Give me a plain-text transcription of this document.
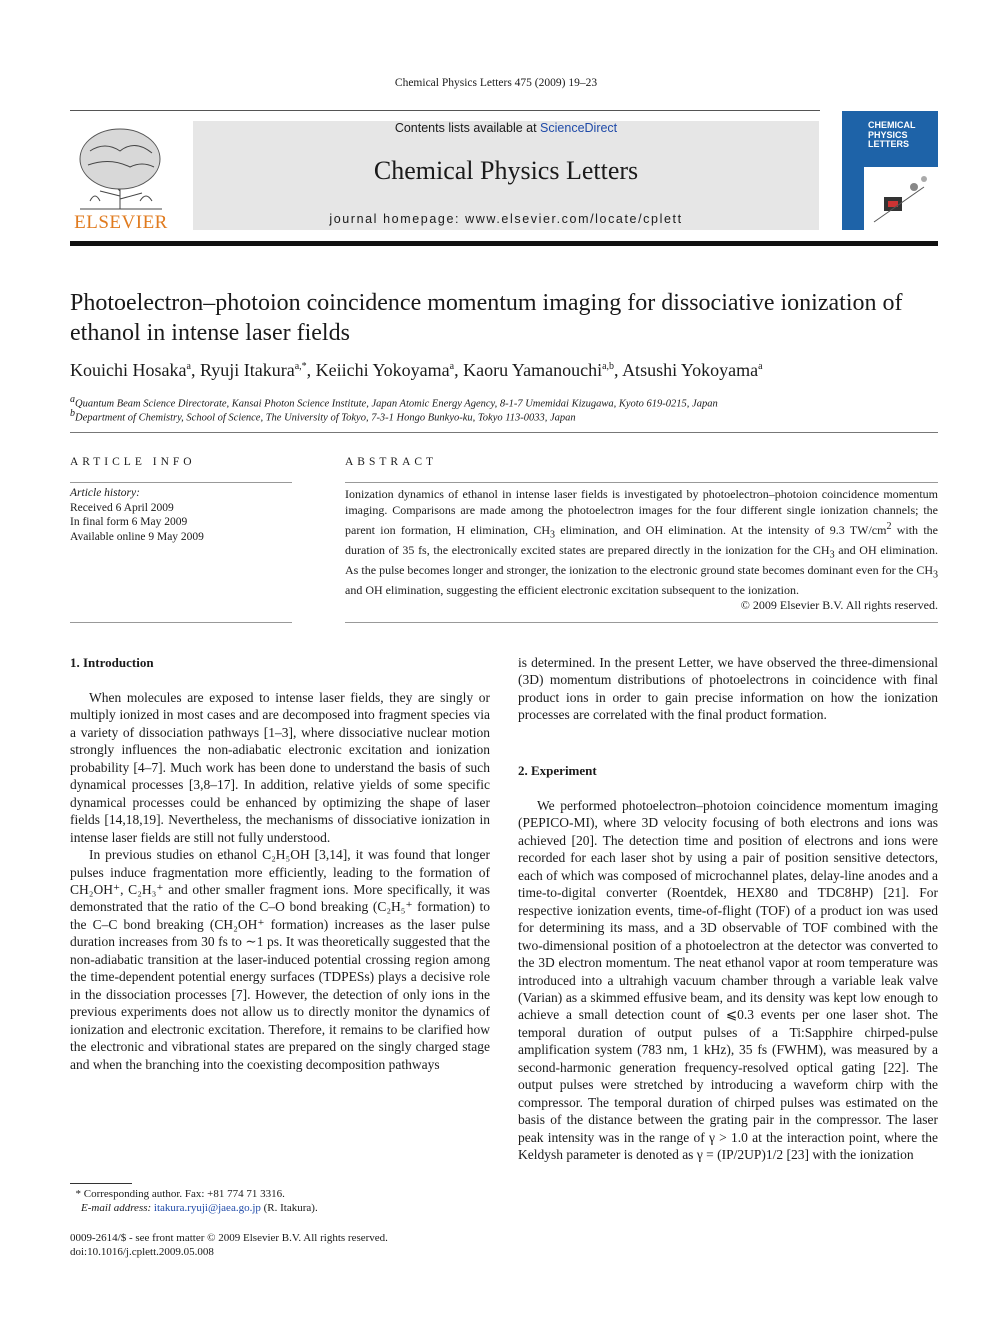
Chemical Physics Letters 475 (2009) 19–23
ELSEVIER
Contents lists available at ScienceDirect
Chemical Physics Letters
journal homepage: www.elsevier.com/locate/cplett
CHEMICAL PHYSICS LETTERS
Photoelectron–photoion coincidence momentum imaging for dissociative ionization of ethanol in intense laser fields
Kouichi Hosaka$^a$, Ryuji Itakura$^{a,*}$, Keiichi Yokoyama$^a$, Kaoru Yamanouchi$^{a,b}$, Atsushi Yokoyama$^a$
$^a$Quantum Beam Science Directorate, Kansai Photon Science Institute, Japan Atomic Energy Agency, 8-1-7 Umemidai Kizugawa, Kyoto 619-0215, Japan
$^b$Department of Chemistry, School of Science, The University of Tokyo, 7-3-1 Hongo Bunkyo-ku, Tokyo 113-0033, Japan
ARTICLE INFO	ABSTRACT
Article history:
Received 6 April 2009
In final form 6 May 2009
Available online 9 May 2009
Ionization dynamics of ethanol in intense laser fields is investigated by photoelectron–photoion coincidence momentum imaging. Comparisons are made among the photoelectron images for the four different single ionization channels; the parent ion formation, H elimination, $CH_3$ elimination, and OH elimination. At the intensity of 9.3 $TW/cm^2$ with the duration of 35 fs, the electronically excited states are prepared directly in the ionization for the $CH_3$ and OH elimination. As the pulse becomes longer and stronger, the ionization to the electronic ground state becomes dominant even for the $CH_3$ and OH elimination, suggesting the efficient electronic excitation subsequent to the ionization.
© 2009 Elsevier B.V. All rights reserved.
1. Introduction

When molecules are exposed to intense laser fields, they are singly or multiply ionized in most cases and are decomposed into fragment species via a variety of dissociation pathways [1–3], where dissociative nuclear motion strongly influences the non-adiabatic electronic excitation and ionization probability [4–7]. Much work has been done to understand the basis of such dynamical processes [3,8–17]. In addition, relative yields of some specific dynamical processes could be enhanced by optimizing the shape of laser fields [14,18,19]. Nevertheless, the mechanisms of dissociative ionization in intense laser fields are still not fully understood.

In previous studies on ethanol C₂H₅OH [3,14], it was found that longer pulses induce fragmentation more efficiently, leading to the formation of CH₂OH⁺, C₂H₃⁺ and other smaller fragment ions. More specifically, it was demonstrated that the ratio of the C–O bond breaking (C₂H₅⁺ formation) to the C–C bond breaking (CH₂OH⁺ formation) increases as the laser pulse duration increases from 30 fs to ∼1 ps. It was theoretically suggested that the non-adiabatic transition at the laser-induced potential crossing region among the time-dependent potential energy surfaces (TDPESs) plays a decisive role in the dissociation processes [7]. However, the detection of only ions in the previous experiments does not allow us to directly monitor the dynamics of ionization and electronic excitation. Therefore, it remains to be clarified how the electronic and vibrational states are prepared on the singly charged stage and when the branching into the coexisting decomposition pathways

is determined. In the present Letter, we have observed the three-dimensional (3D) momentum distributions of photoelectrons in coincidence with final product ions in order to gain precise information on how the ionization processes are correlated with the final product formation.

2. Experiment

We performed photoelectron–photoion coincidence momentum imaging (PEPICO-MI), where 3D velocity focusing of both electrons and ions was achieved [20]. The detection time and position of electrons and ions were recorded for each laser shot by using a pair of position sensitive detectors, each of which was composed of microchannel plates, delay-line anodes and a time-to-digital converter (Roentdek, HEX80 and TDC8HP) [21]. For respective ionization events, time-of-flight (TOF) of a product ion was used for determining its mass, and a 3D observable of TOF combined with the two-dimensional position of a photoelectron at the detector was converted to the 3D electron momentum. The neat ethanol vapor at room temperature was introduced into a ultrahigh vacuum chamber through a variable leak valve (Varian) as a skimmed effusive beam, and its density was kept low enough to achieve a small detection count of ⩽0.3 events per one laser shot. The temporal duration of output pulses of a Ti:Sapphire chirped-pulse amplification system (783 nm, 1 kHz), 35 fs (FWHM), was measured by a second-harmonic generation frequency-resolved optical gating [22]. The output pulses were stretched by introducing a waveform chirp with the compressor. The temporal duration of chirped pulses was estimated on the basis of the distance between the grating pair in the compressor. The laser peak intensity was in the range of γ > 1.0 at the interaction point, where the Keldysh parameter is denoted as γ = (IP/2UP)1/2 [23] with the ionization

* Corresponding author. Fax: +81 774 71 3316.
E-mail address: itakura.ryuji@jaea.go.jp (R. Itakura).
0009-2614/$ - see front matter © 2009 Elsevier B.V. All rights reserved.
doi:10.1016/j.cplett.2009.05.008
